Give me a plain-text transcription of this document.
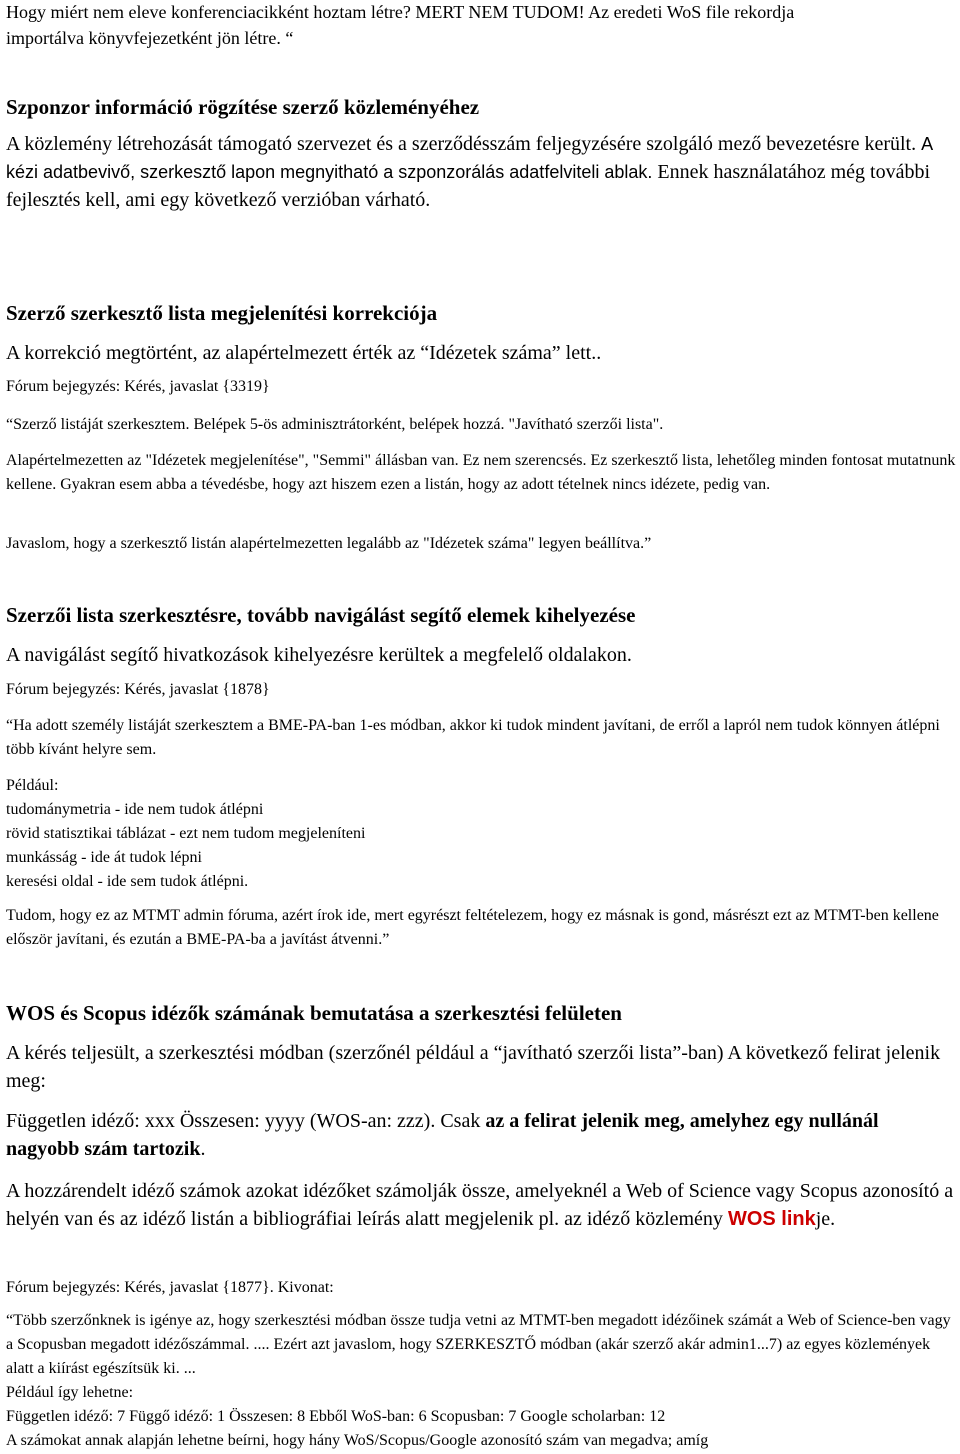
Hogy miért nem eleve konferenciacikként hoztam létre? MERT NEM TUDOM! Az eredeti WoS file rekordja
importálva könyvfejezetként jön létre. “

Szponzor információ rögzítése szerző közleményéhez

A közlemény létrehozását támogató szervezet és a szerződésszám feljegyzésére szolgáló mező bevezetésre került. A kézi adatbevivő, szerkesztő lapon megnyitható a szponzorálás adatfelviteli ablak. Ennek használatához még további fejlesztés kell, ami egy következő verzióban várható.

Szerző szerkesztő lista megjelenítési korrekciója

A korrekció megtörtént, az alapértelmezett érték az “Idézetek száma” lett..

Fórum bejegyzés: Kérés, javaslat {3319}

“Szerző listáját szerkesztem. Belépek 5-ös adminisztrátorként, belépek hozzá. "Javítható szerzői lista".

Alapértelmezetten az "Idézetek megjelenítése", "Semmi" állásban van. Ez nem szerencsés. Ez szerkesztő lista, lehetőleg minden fontosat mutatnunk kellene. Gyakran esem abba a tévedésbe, hogy azt hiszem ezen a listán, hogy az adott tételnek nincs idézete, pedig van.

Javaslom, hogy a szerkesztő listán alapértelmezetten legalább az "Idézetek száma" legyen beállítva.”

Szerzői lista szerkesztésre, tovább navigálást segítő elemek kihelyezése

A navigálást segítő hivatkozások kihelyezésre kerültek a megfelelő oldalakon.

Fórum bejegyzés: Kérés, javaslat {1878}

“Ha adott személy listáját szerkesztem a BME-PA-ban 1-es módban, akkor ki tudok mindent javítani, de erről a lapról nem tudok könnyen átlépni több kívánt helyre sem.

Például:
tudománymetria - ide nem tudok átlépni
rövid statisztikai táblázat - ezt nem tudom megjeleníteni
munkásság - ide át tudok lépni
keresési oldal - ide sem tudok átlépni.

Tudom, hogy ez az MTMT admin fóruma, azért írok ide, mert egyrészt feltételezem, hogy ez másnak is gond, másrészt ezt az MTMT-ben kellene először javítani, és ezután a BME-PA-ba a javítást átvenni.”

WOS és Scopus idézők számának bemutatása a szerkesztési felületen

A kérés teljesült, a szerkesztési módban (szerzőnél például a “javítható szerzői lista”-ban) A következő felirat jelenik meg:

Független idéző: xxx Összesen: yyyy (WOS-an: zzz). Csak az a felirat jelenik meg, amelyhez egy nullánál nagyobb szám tartozik.

A hozzárendelt idéző számok azokat idézőket számolják össze, amelyeknél a Web of Science vagy Scopus azonosító a helyén van és az idéző listán a bibliográfiai leírás alatt megjelenik pl. az idéző közlemény WOS linkje.

Fórum bejegyzés: Kérés, javaslat {1877}. Kivonat:

“Több szerzőnknek is igénye az, hogy szerkesztési módban össze tudja vetni az MTMT-ben megadott idézőinek számát a Web of Science-ben vagy a Scopusban megadott idézőszámmal. .... Ezért azt javaslom, hogy SZERKESZTŐ módban (akár szerző akár admin1...7) az egyes közlemények alatt a kiírást egészítsük ki. ...

Például így lehetne:

Független idéző: 7 Függő idéző: 1 Összesen: 8 Ebből WoS-ban: 6 Scopusban: 7 Google scholarban: 12

A számokat annak alapján lehetne beírni, hogy hány WoS/Scopus/Google azonosító szám van megadva; amíg
